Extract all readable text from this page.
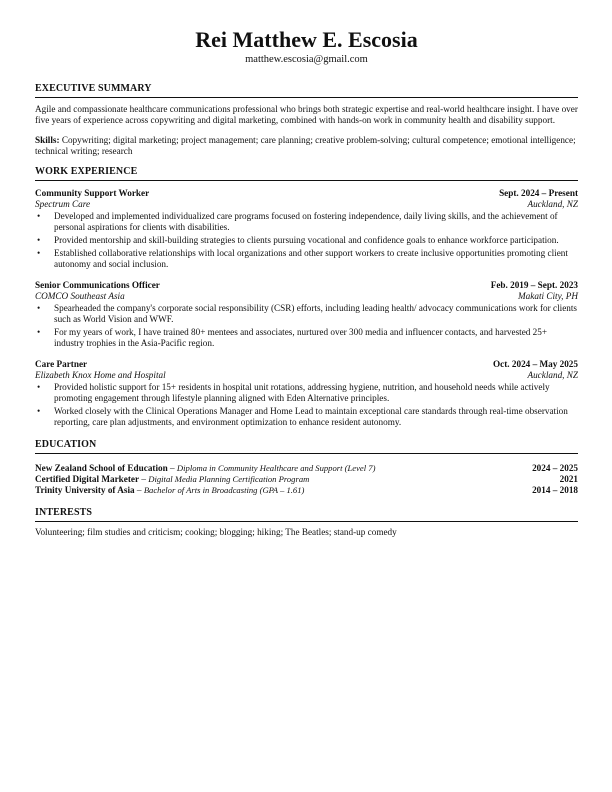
Rei Matthew E. Escosia
matthew.escosia@gmail.com
EXECUTIVE SUMMARY
Agile and compassionate healthcare communications professional who brings both strategic expertise and real-world healthcare insight. I have over five years of experience across copywriting and digital marketing, combined with hands-on work in community health and disability support.
Skills: Copywriting; digital marketing; project management; care planning; creative problem-solving; cultural competence; emotional intelligence; technical writing; research
WORK EXPERIENCE
Community Support Worker	Sept. 2024 – Present
Spectrum Care	Auckland, NZ
• Developed and implemented individualized care programs focused on fostering independence, daily living skills, and the achievement of personal aspirations for clients with disabilities.
• Provided mentorship and skill-building strategies to clients pursuing vocational and confidence goals to enhance workforce participation.
• Established collaborative relationships with local organizations and other support workers to create inclusive opportunities promoting client autonomy and social inclusion.
Senior Communications Officer	Feb. 2019 – Sept. 2023
COMCO Southeast Asia	Makati City, PH
• Spearheaded the company's corporate social responsibility (CSR) efforts, including leading health/ advocacy communications work for clients such as World Vision and WWF.
• For my years of work, I have trained 80+ mentees and associates, nurtured over 300 media and influencer contacts, and harvested 25+ industry trophies in the Asia-Pacific region.
Care Partner	Oct. 2024 – May 2025
Elizabeth Knox Home and Hospital	Auckland, NZ
• Provided holistic support for 15+ residents in hospital unit rotations, addressing hygiene, nutrition, and household needs while actively promoting engagement through lifestyle planning aligned with Eden Alternative principles.
• Worked closely with the Clinical Operations Manager and Home Lead to maintain exceptional care standards through real-time observation reporting, care plan adjustments, and environment optimization to enhance resident autonomy.
EDUCATION
New Zealand School of Education – Diploma in Community Healthcare and Support (Level 7)	2024 – 2025
Certified Digital Marketer – Digital Media Planning Certification Program	2021
Trinity University of Asia – Bachelor of Arts in Broadcasting (GPA – 1.61)	2014 – 2018
INTERESTS
Volunteering; film studies and criticism; cooking; blogging; hiking; The Beatles; stand-up comedy
